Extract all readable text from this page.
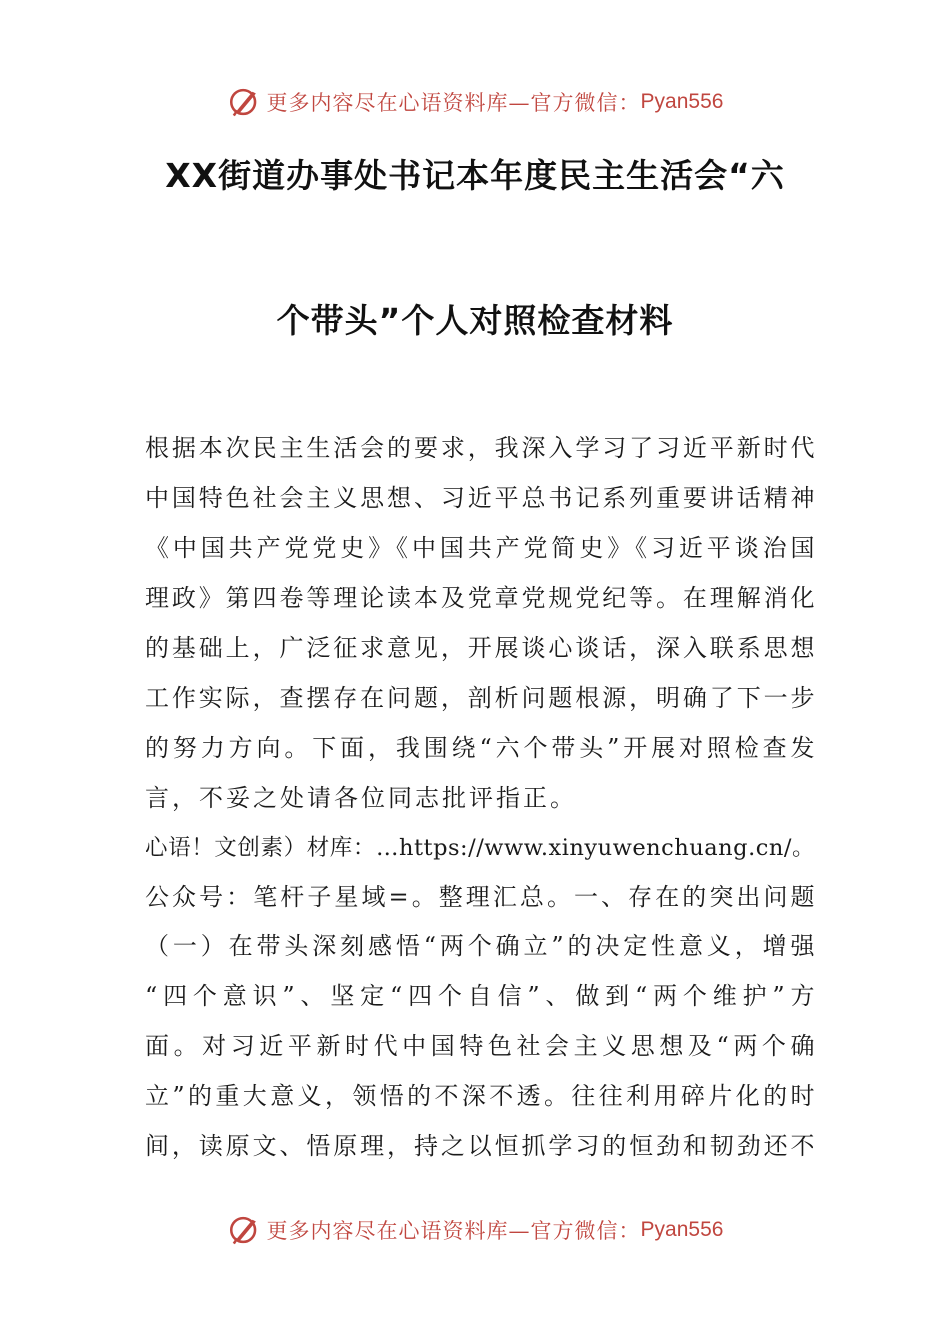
更多内容尽在心语资料库—官方微信： Pyan556
XX街道办事处书记本年度民主生活会“六
个带头”个人对照检查材料
根据本次民主生活会的要求，我深入学习了习近平新时代
中国特色社会主义思想、习近平总书记系列重要讲话精神
《中国共产党党史》《中国共产党简史》《习近平谈治国
理政》第四卷等理论读本及党章党规党纪等。在理解消化
的基础上，广泛征求意见，开展谈心谈话，深入联系思想
工作实际，查摆存在问题，剖析问题根源，明确了下一步
的努力方向。下面，我围绕“六个带头”开展对照检查发
言，不妥之处请各位同志批评指正。
心语！文创素）材库：…https://www.xinyuwenchuang.cn/。
公众号：笔杆子星域=。整理汇总。一、存在的突出问题
（一）在带头深刻感悟“两个确立”的决定性意义，增强
“四个意识”、坚定“四个自信”、做到“两个维护”方
面。对习近平新时代中国特色社会主义思想及“两个确
立”的重大意义，领悟的不深不透。往往利用碎片化的时
间，读原文、悟原理，持之以恒抓学习的恒劲和韧劲还不
更多内容尽在心语资料库—官方微信： Pyan556
